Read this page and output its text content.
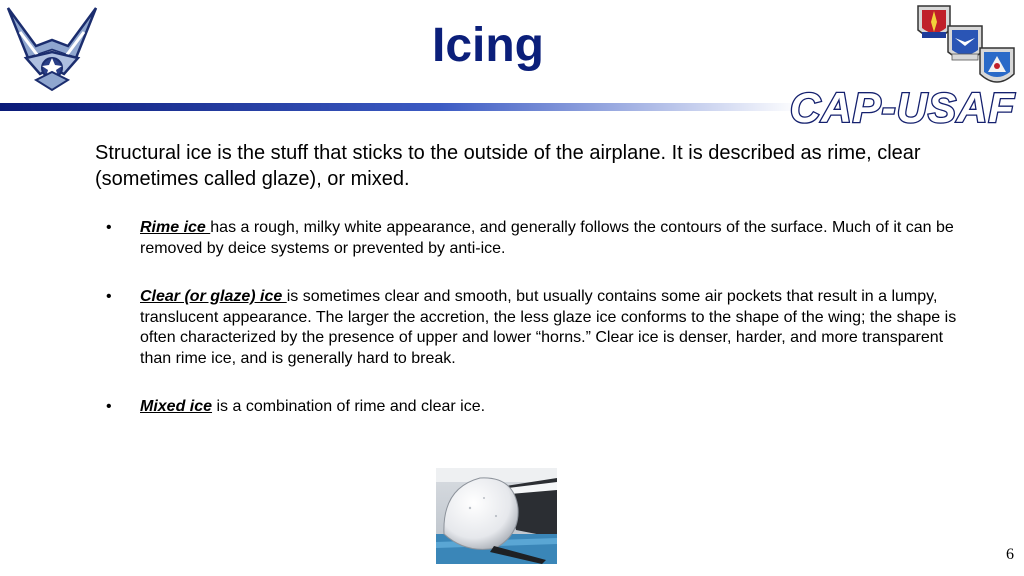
Icing
CAP-USAF

Structural ice is the stuff that sticks to the outside of the airplane. It is described as rime, clear (sometimes called glaze), or mixed.

•	Rime ice has a rough, milky white appearance, and generally follows the contours of the surface. Much of it can be removed by deice systems or prevented by anti-ice.
•	Clear (or glaze) ice is sometimes clear and smooth, but usually contains some air pockets that result in a lumpy, translucent appearance. The larger the accretion, the less glaze ice conforms to the shape of the wing; the shape is often characterized by the presence of upper and lower “horns.” Clear ice is denser, harder, and more transparent than rime ice, and is generally hard to break.
•	Mixed ice is a combination of rime and clear ice.
6
